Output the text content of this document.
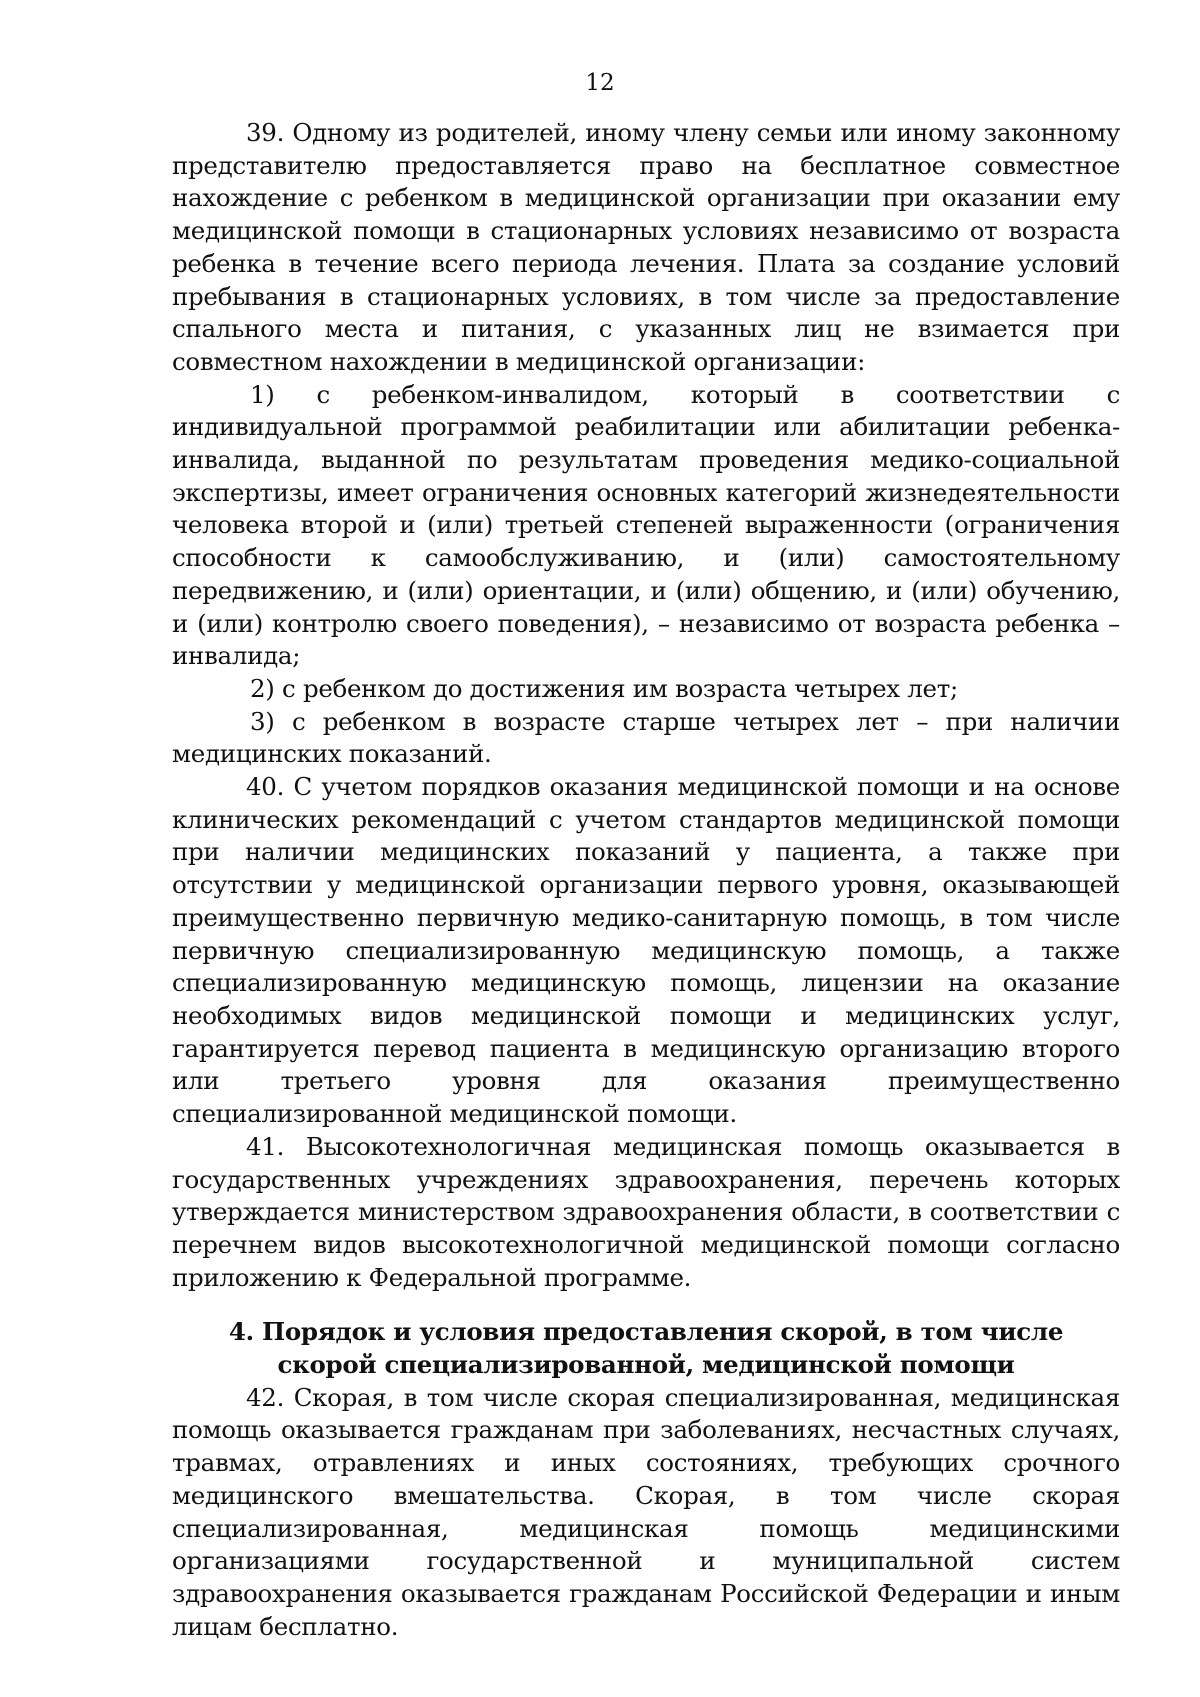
12

39. Одному из родителей, иному члену семьи или иному законному представителю предоставляется право на бесплатное совместное нахождение с ребенком в медицинской организации при оказании ему медицинской помощи в стационарных условиях независимо от возраста ребенка в течение всего периода лечения. Плата за создание условий пребывания в стационарных условиях, в том числе за предоставление спального места и питания, с указанных лиц не взимается при совместном нахождении в медицинской организации:

1) с ребенком-инвалидом, который в соответствии с индивидуальной программой реабилитации или абилитации ребенка-инвалида, выданной по результатам проведения медико-социальной экспертизы, имеет ограничения основных категорий жизнедеятельности человека второй и (или) третьей степеней выраженности (ограничения способности к самообслуживанию, и (или) самостоятельному передвижению, и (или) ориентации, и (или) общению, и (или) обучению, и (или) контролю своего поведения), – независимо от возраста ребенка – инвалида;

2) с ребенком до достижения им возраста четырех лет;

3) с ребенком в возрасте старше четырех лет – при наличии медицинских показаний.

40. С учетом порядков оказания медицинской помощи и на основе клинических рекомендаций с учетом стандартов медицинской помощи при наличии медицинских показаний у пациента, а также при отсутствии у медицинской организации первого уровня, оказывающей преимущественно первичную медико-санитарную помощь, в том числе первичную специализированную медицинскую помощь, а также специализированную медицинскую помощь, лицензии на оказание необходимых видов медицинской помощи и медицинских услуг, гарантируется перевод пациента в медицинскую организацию второго или третьего уровня для оказания преимущественно специализированной медицинской помощи.

41. Высокотехнологичная медицинская помощь оказывается в государственных учреждениях здравоохранения, перечень которых утверждается министерством здравоохранения области, в соответствии с перечнем видов высокотехнологичной медицинской помощи согласно приложению к Федеральной программе.

4. Порядок и условия предоставления скорой, в том числе
скорой специализированной, медицинской помощи

42. Скорая, в том числе скорая специализированная, медицинская помощь оказывается гражданам при заболеваниях, несчастных случаях, травмах, отравлениях и иных состояниях, требующих срочного медицинского вмешательства. Скорая, в том числе скорая специализированная, медицинская помощь медицинскими организациями государственной и муниципальной систем здравоохранения оказывается гражданам Российской Федерации и иным лицам бесплатно.
